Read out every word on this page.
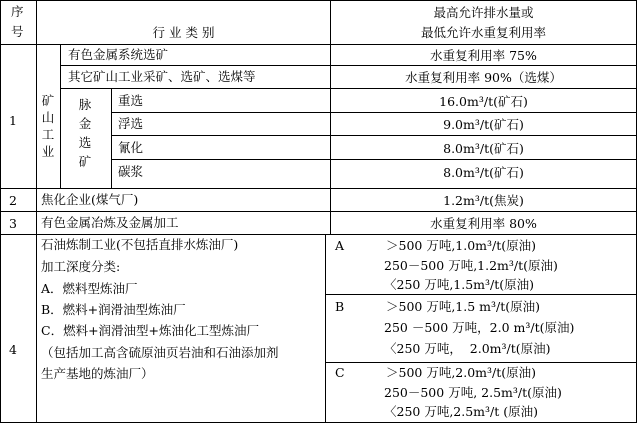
序
号	行 业 类 别
最高允许排水量或
最低允许水重复利用率
1
矿山工业
有色金属系统选矿	水重复利用率 75%
其它矿山工业采矿、选矿、选煤等	水重复利用率 90%（选煤）
脉金选矿
重选	16.0m³/t(矿石)
浮选	9.0m³/t(矿石)
氰化	8.0m³/t(矿石)
碳浆	8.0m³/t(矿石)
2 焦化企业(煤气厂)	1.2m³/t(焦炭)
3 有色金属冶炼及金属加工	水重复利用率 80%
4
石油炼制工业(不包括直排水炼油厂)
加工深度分类:
A．燃料型炼油厂
B．燃料+润滑油型炼油厂
C．燃料+润滑油型+炼油化工型炼油厂
（包括加工高含硫原油页岩油和石油添加剂
生产基地的炼油厂）
A	＞500 万吨,1.0m³/t(原油)
250－500 万吨,1.2m³/t(原油)
〈250 万吨,1.5m³/t(原油)
B	＞500 万吨,1.5 m³/t(原油)
250 －500 万吨，2.0 m³/t(原油)
〈250 万吨，  2.0m³/t(原油)
C	＞500 万吨,2.0m³/t(原油)
250－500 万吨, 2.5m³/t(原油)
〈250 万吨,2.5m³/t (原油)
